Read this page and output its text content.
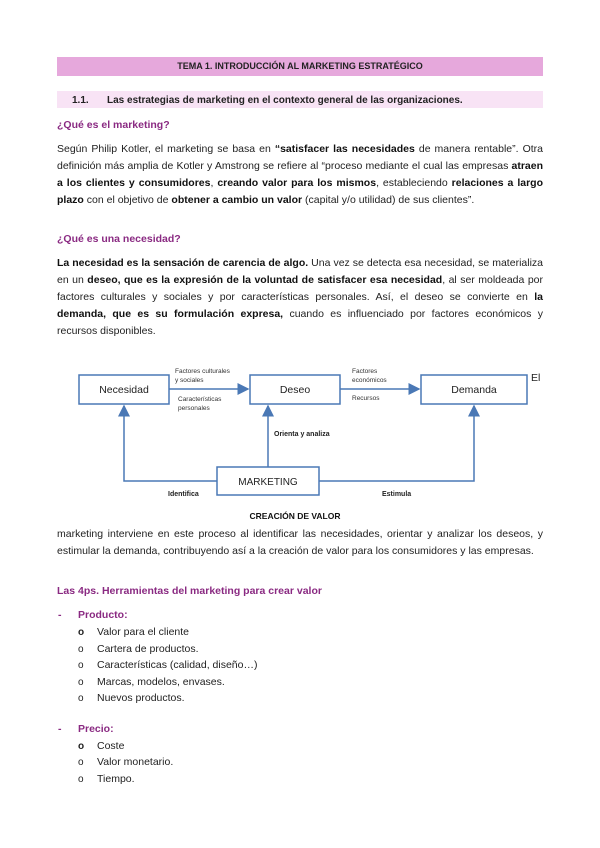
TEMA 1. INTRODUCCIÓN AL MARKETING ESTRATÉGICO
1.1. Las estrategias de marketing en el contexto general de las organizaciones.
¿Qué es el marketing?
Según Philip Kotler, el marketing se basa en “satisfacer las necesidades de manera rentable”. Otra definición más amplia de Kotler y Amstrong se refiere al “proceso mediante el cual las empresas atraen a los clientes y consumidores, creando valor para los mismos, estableciendo relaciones a largo plazo con el objetivo de obtener a cambio un valor (capital y/o utilidad) de sus clientes”.
¿Qué es una necesidad?
La necesidad es la sensación de carencia de algo. Una vez se detecta esa necesidad, se materializa en un deseo, que es la expresión de la voluntad de satisfacer esa necesidad, al ser moldeada por factores culturales y sociales y por características personales. Así, el deseo se convierte en la demanda, que es su formulación expresa, cuando es influenciado por factores económicos y recursos disponibles.
Necesidad	Deseo	Demanda
MARKETING
Factores culturales
y sociales
Características
personales
Factores
económicos
Recursos
Orienta y analiza
Identifica	Estimula
CREACIÓN DE VALOR
El
marketing interviene en este proceso al identificar las necesidades, orientar y analizar los deseos, y estimular la demanda, contribuyendo así a la creación de valor para los consumidores y las empresas.
Las 4ps. Herramientas del marketing para crear valor
- Producto:
o Valor para el cliente
o Cartera de productos.
o Características (calidad, diseño…)
o Marcas, modelos, envases.
o Nuevos productos.
- Precio:
o Coste
o Valor monetario.
o Tiempo.
